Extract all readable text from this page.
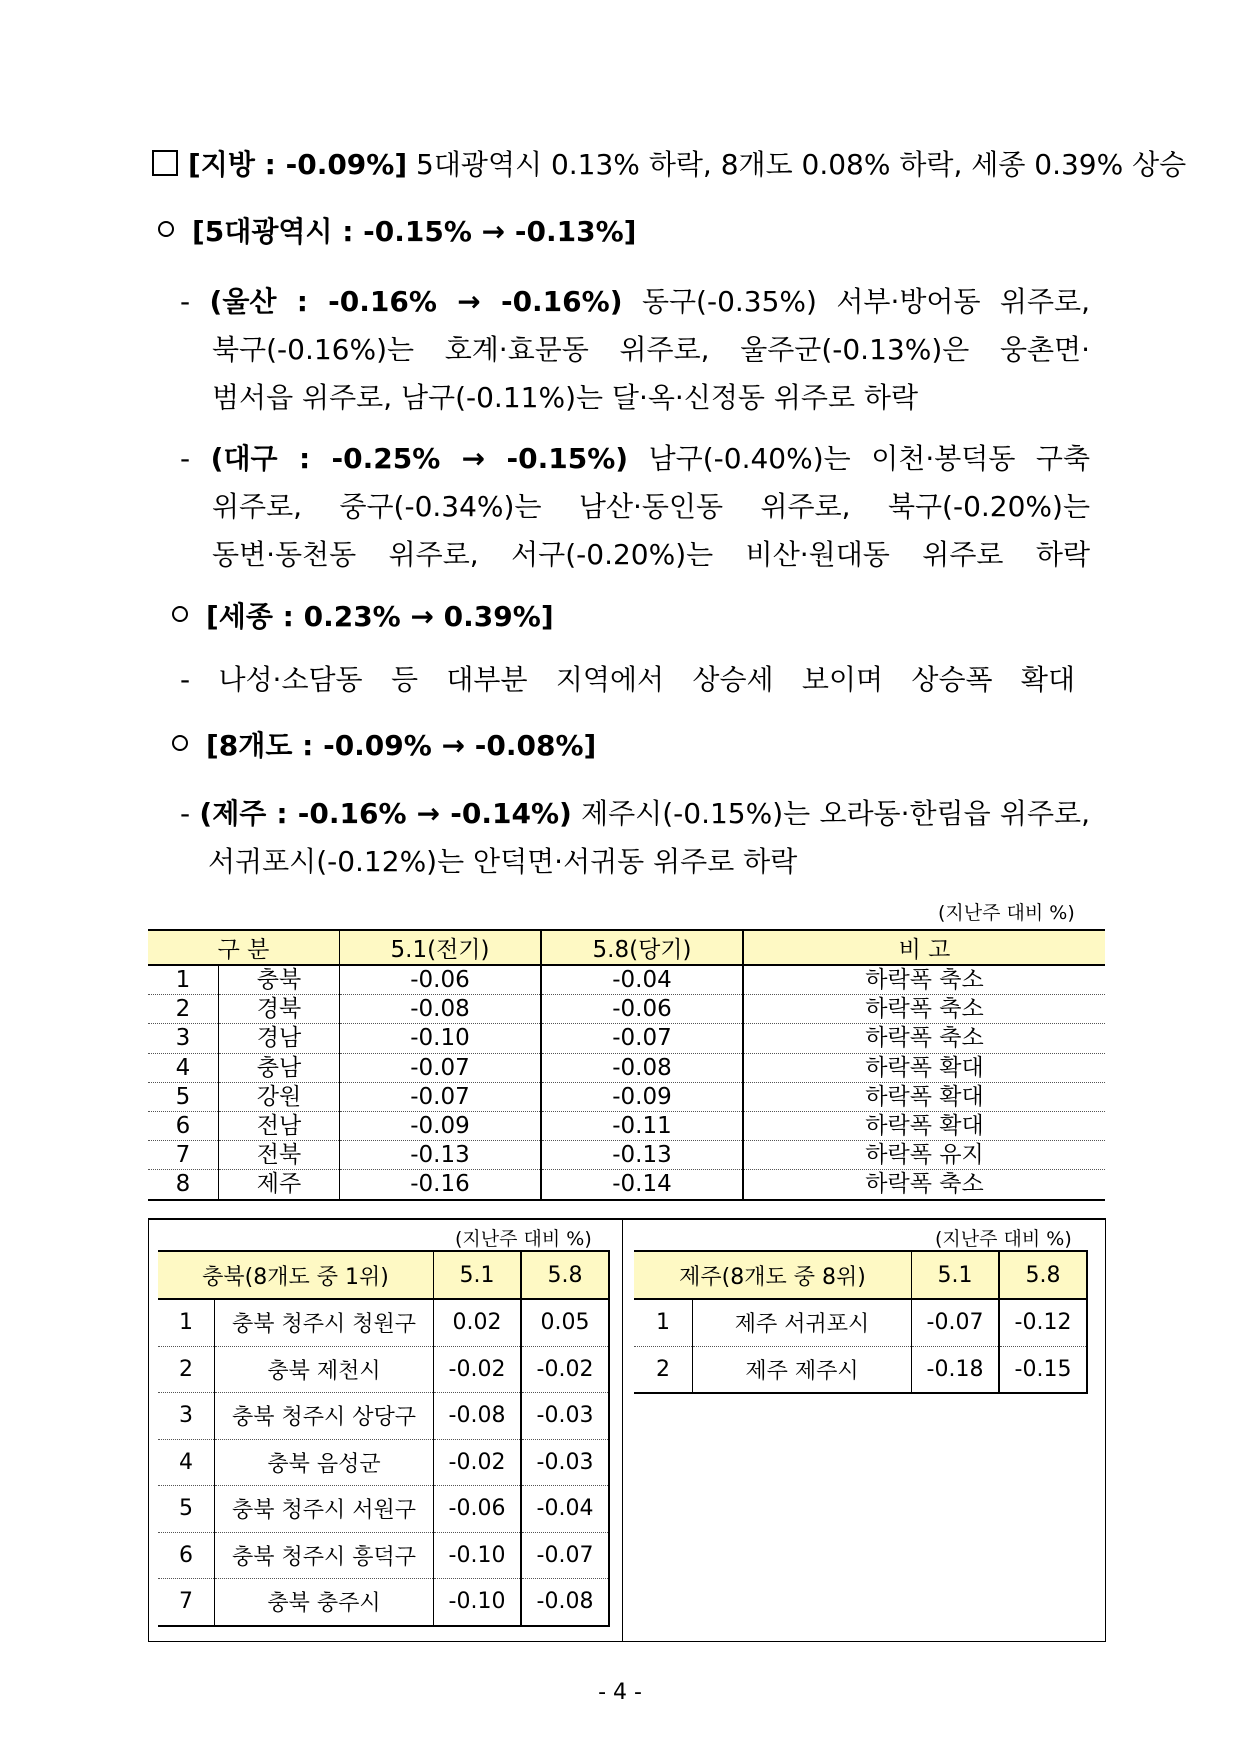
[지방 : -0.09%] 5대광역시 0.13% 하락, 8개도 0.08% 하락, 세종 0.39% 상승
[5대광역시 : -0.15% → -0.13%]
- (울산 : -0.16% → -0.16%) 동구(-0.35%) 서부·방어동 위주로,
북구(-0.16%)는 호계·효문동 위주로, 울주군(-0.13%)은 웅촌면·
범서읍 위주로, 남구(-0.11%)는 달·옥·신정동 위주로 하락
- (대구 : -0.25% → -0.15%) 남구(-0.40%)는 이천·봉덕동 구축
위주로, 중구(-0.34%)는 남산·동인동 위주로, 북구(-0.20%)는
동변·동천동 위주로, 서구(-0.20%)는 비산·원대동 위주로 하락
[세종 : 0.23% → 0.39%]
- 나성·소담동 등 대부분 지역에서 상승세 보이며 상승폭 확대
[8개도 : -0.09% → -0.08%]
- (제주 : -0.16% → -0.14%) 제주시(-0.15%)는 오라동·한림읍 위주로,
서귀포시(-0.12%)는 안덕면·서귀동 위주로 하락
(지난주 대비 %)
구 분		5.1(전기)	5.8(당기)	비 고
1	충북	-0.06	-0.04	하락폭 축소
2	경북	-0.08	-0.06	하락폭 축소
3	경남	-0.10	-0.07	하락폭 축소
4	충남	-0.07	-0.08	하락폭 확대
5	강원	-0.07	-0.09	하락폭 확대
6	전남	-0.09	-0.11	하락폭 확대
7	전북	-0.13	-0.13	하락폭 유지
8	제주	-0.16	-0.14	하락폭 축소
(지난주 대비 %)
충북(8개도 중 1위)		5.1	5.8
1	충북 청주시 청원구	0.02	0.05
2	충북 제천시	-0.02	-0.02
3	충북 청주시 상당구	-0.08	-0.03
4	충북 음성군	-0.02	-0.03
5	충북 청주시 서원구	-0.06	-0.04
6	충북 청주시 흥덕구	-0.10	-0.07
7	충북 충주시	-0.10	-0.08
(지난주 대비 %)
제주(8개도 중 8위)		5.1	5.8
1	제주 서귀포시	-0.07	-0.12
2	제주 제주시	-0.18	-0.15
- 4 -
